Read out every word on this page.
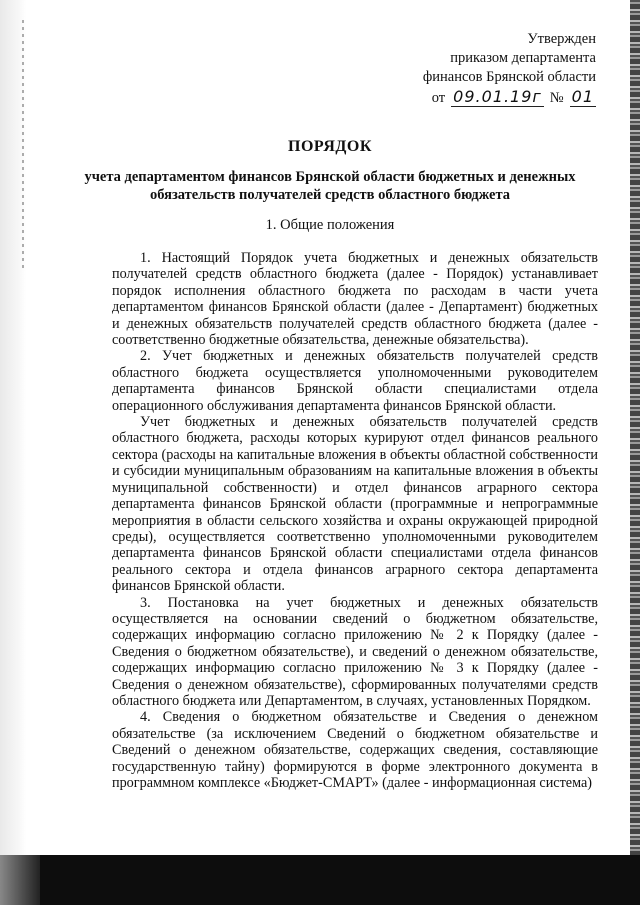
Утвержден
приказом департамента
финансов Брянской области
от 09.01.19г № 01

ПОРЯДОК

учета департаментом финансов Брянской области бюджетных и денежных обязательств получателей средств областного бюджета

1. Общие положения

1. Настоящий Порядок учета бюджетных и денежных обязательств получателей средств областного бюджета (далее - Порядок) устанавливает порядок исполнения областного бюджета по расходам в части учета департаментом финансов Брянской области (далее - Департамент) бюджетных и денежных обязательств получателей средств областного бюджета (далее - соответственно бюджетные обязательства, денежные обязательства).

2. Учет бюджетных и денежных обязательств получателей средств областного бюджета осуществляется уполномоченными руководителем департамента финансов Брянской области специалистами отдела операционного обслуживания департамента финансов Брянской области.

Учет бюджетных и денежных обязательств получателей средств областного бюджета, расходы которых курируют отдел финансов реального сектора (расходы на капитальные вложения в объекты областной собственности и субсидии муниципальным образованиям на капитальные вложения в объекты муниципальной собственности) и отдел финансов аграрного сектора департамента финансов Брянской области (программные и непрограммные мероприятия в области сельского хозяйства и охраны окружающей природной среды), осуществляется соответственно уполномоченными руководителем департамента финансов Брянской области специалистами отдела финансов реального сектора и отдела финансов аграрного сектора департамента финансов Брянской области.

3. Постановка на учет бюджетных и денежных обязательств осуществляется на основании сведений о бюджетном обязательстве, содержащих информацию согласно приложению № 2 к Порядку (далее - Сведения о бюджетном обязательстве), и сведений о денежном обязательстве, содержащих информацию согласно приложению № 3 к Порядку (далее - Сведения о денежном обязательстве), сформированных получателями средств областного бюджета или Департаментом, в случаях, установленных Порядком.

4. Сведения о бюджетном обязательстве и Сведения о денежном обязательстве (за исключением Сведений о бюджетном обязательстве и Сведений о денежном обязательстве, содержащих сведения, составляющие государственную тайну) формируются в форме электронного документа в программном комплексе «Бюджет-СМАРТ» (далее - информационная система)
